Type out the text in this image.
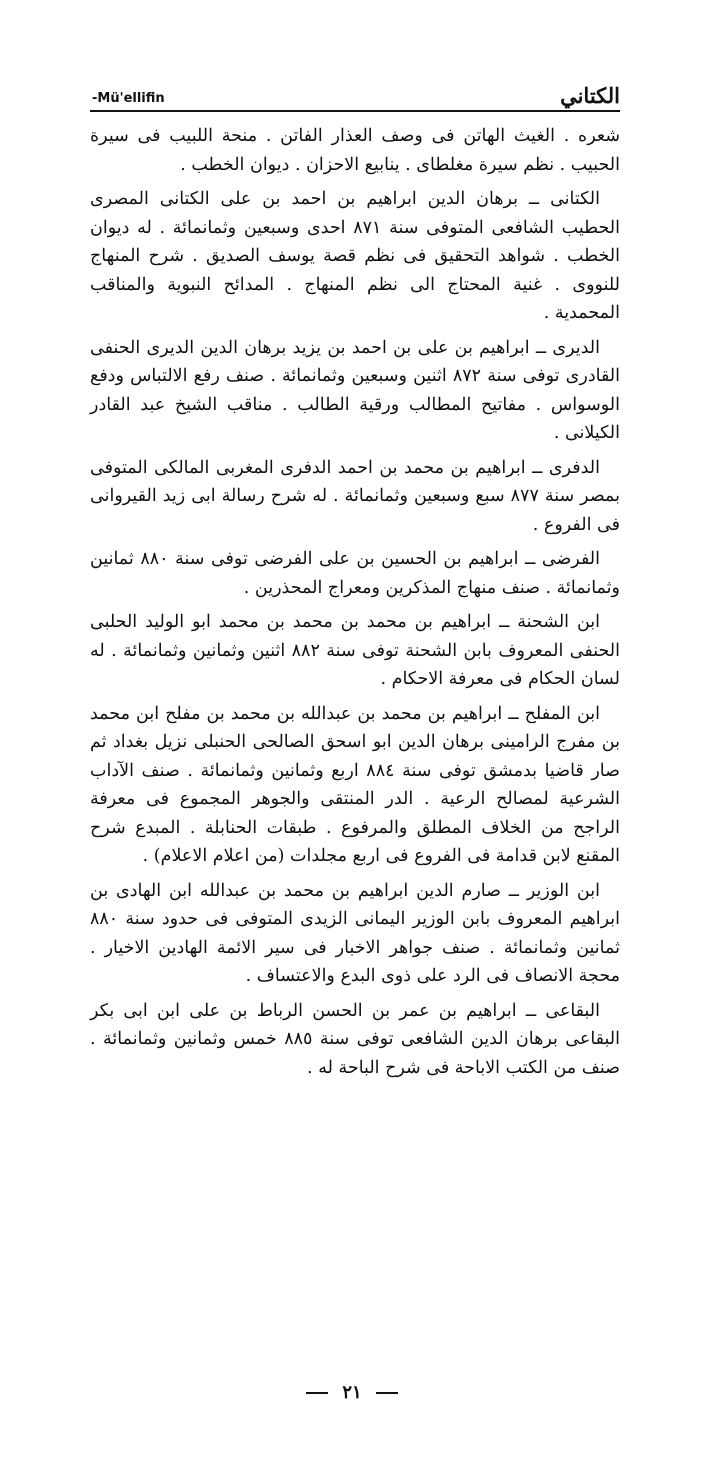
-Mü'ellifin	الكتاني

شعره . الغيث الهاتن فى وصف العذار الفاتن . منحة اللبيب فى سيرة الحبيب . نظم سيرة مغلطاى . ينابيع الاحزان . ديوان الخطب .

الكتانى ــ برهان الدين ابراهيم بن احمد بن على الكتانى المصرى الحطيب الشافعى المتوفى سنة ٨٧١ احدى وسبعين وثمانمائة . له ديوان الخطب . شواهد التحقيق فى نظم قصة يوسف الصديق . شرح المنهاج للنووى . غنية المحتاج الى نظم المنهاج . المدائح النبوية والمناقب المحمدية .

الديرى ــ ابراهيم بن على بن احمد بن يزيد برهان الدين الديرى الحنفى القادرى توفى سنة ٨٧٢ اثنين وسبعين وثمانمائة . صنف رفع الالتباس ودفع الوسواس . مفاتيح المطالب ورقية الطالب . مناقب الشيخ عبد القادر الكيلانى .

الدفرى ــ ابراهيم بن محمد بن احمد الدفرى المغربى المالكى المتوفى بمصر سنة ٨٧٧ سبع وسبعين وثمانمائة . له شرح رسالة ابى زيد القيروانى فى الفروع .

الفرضى ــ ابراهيم بن الحسين بن على الفرضى توفى سنة ٨٨٠ ثمانين وثمانمائة . صنف منهاج المذكرين ومعراج المحذرين .

ابن الشحنة ــ ابراهيم بن محمد بن محمد بن محمد ابو الوليد الحلبى الحنفى المعروف بابن الشحنة توفى سنة ٨٨٢ اثنين وثمانين وثمانمائة . له لسان الحكام فى معرفة الاحكام .

ابن المفلح ــ ابراهيم بن محمد بن عبدالله بن محمد بن مفلح ابن محمد بن مفرج الرامينى برهان الدين ابو اسحق الصالحى الحنبلى نزيل بغداد ثم صار قاضيا بدمشق توفى سنة ٨٨٤ اربع وثمانين وثمانمائة . صنف الآداب الشرعية لمصالح الرعية . الدر المنتقى والجوهر المجموع فى معرفة الراجح من الخلاف المطلق والمرفوع . طبقات الحنابلة . المبدع شرح المقنع لابن قدامة فى الفروع فى اربع مجلدات (من اعلام الاعلام) .

ابن الوزير ــ صارم الدين ابراهيم بن محمد بن عبدالله ابن الهادى بن ابراهيم المعروف بابن الوزير اليمانى الزيدى المتوفى فى حدود سنة ٨٨٠ ثمانين وثمانمائة . صنف جواهر الاخبار فى سير الائمة الهادين الاخيار . محجة الانصاف فى الرد على ذوى البدع والاعتساف .

البقاعى ــ ابراهيم بن عمر بن الحسن الرباط بن على ابن ابى بكر البقاعى برهان الدين الشافعى توفى سنة ٨٨٥ خمس وثمانين وثمانمائة . صنف من الكتب الاباحة فى شرح الباحة له .

٢١
